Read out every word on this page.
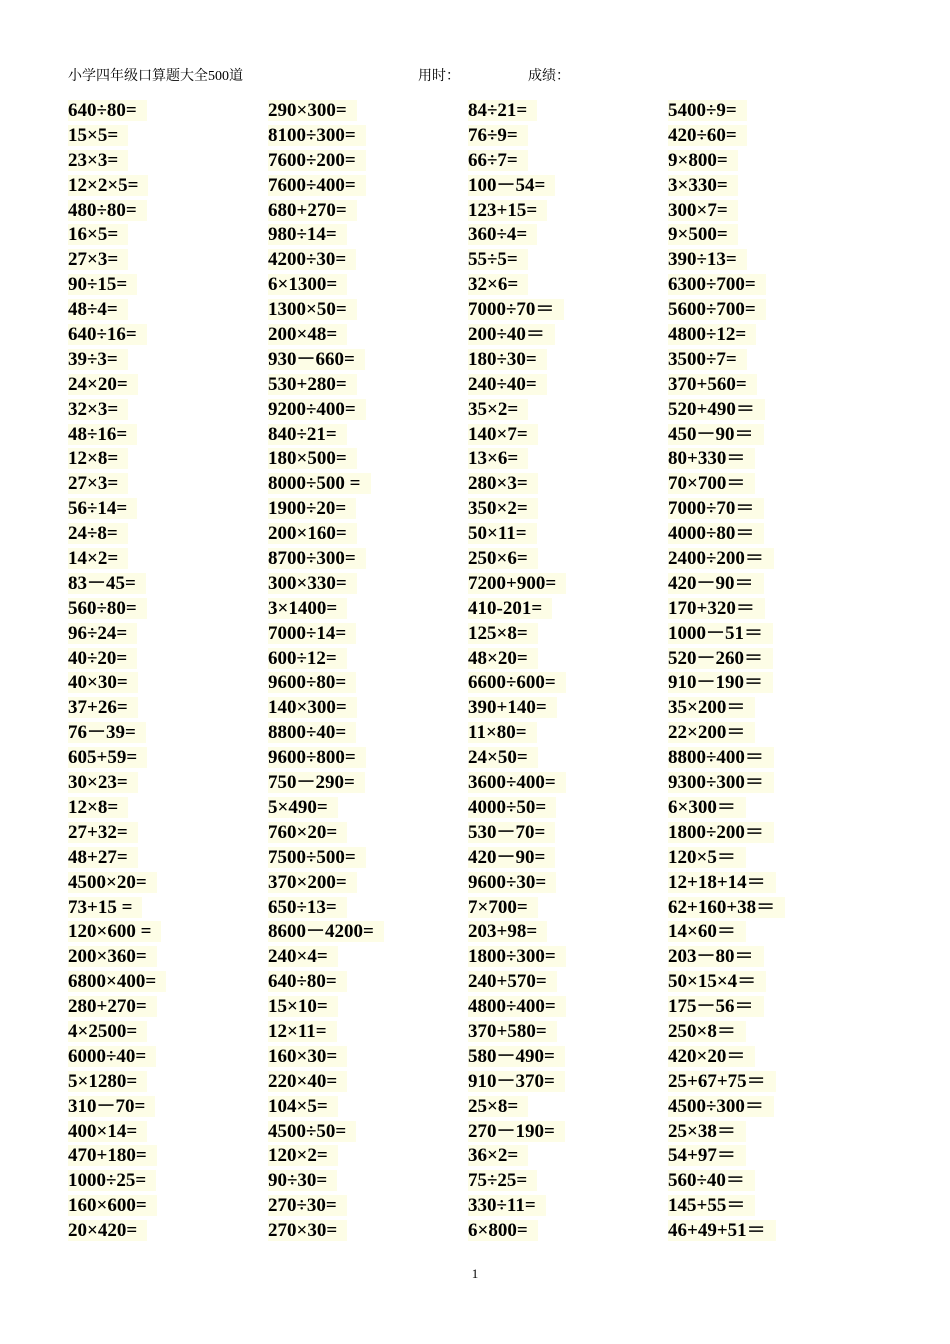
小学四年级口算题大全500道	用时：	成绩：
640÷80=
15×5=
23×3=
12×2×5=
480÷80=
16×5=
27×3=
90÷15=
48÷4=
640÷16=
39÷3=
24×20=
32×3=
48÷16=
12×8=
27×3=
56÷14=
24÷8=
14×2=
83－45=
560÷80=
96÷24=
40÷20=
40×30=
37+26=
76－39=
605+59=
30×23=
12×8=
27+32=
48+27=
4500×20=
73+15 =
120×600 =
200×360=
6800×400=
280+270=
4×2500=
6000÷40=
5×1280=
310－70=
400×14=
470+180=
1000÷25=
160×600=
20×420=
290×300=
8100÷300=
7600÷200=
7600÷400=
680+270=
980÷14=
4200÷30=
6×1300=
1300×50=
200×48=
930－660=
530+280=
9200÷400=
840÷21=
180×500=
8000÷500 =
1900÷20=
200×160=
8700÷300=
300×330=
3×1400=
7000÷14=
600÷12=
9600÷80=
140×300=
8800÷40=
9600÷800=
750－290=
5×490=
760×20=
7500÷500=
370×200=
650÷13=
8600－4200=
240×4=
640÷80=
15×10=
12×11=
160×30=
220×40=
104×5=
4500÷50=
120×2=
90÷30=
270÷30=
270×30=
84÷21=
76÷9=
66÷7=
100－54=
123+15=
360÷4=
55÷5=
32×6=
7000÷70＝
200÷40＝
180÷30=
240÷40=
35×2=
140×7=
13×6=
280×3=
350×2=
50×11=
250×6=
7200+900=
410-201=
125×8=
48×20=
6600÷600=
390+140=
11×80=
24×50=
3600÷400=
4000÷50=
530－70=
420－90=
9600÷30=
7×700=
203+98=
1800÷300=
240+570=
4800÷400=
370+580=
580－490=
910－370=
25×8=
270－190=
36×2=
75÷25=
330÷11=
6×800=
5400÷9=
420÷60=
9×800=
3×330=
300×7=
9×500=
390÷13=
6300÷700=
5600÷700=
4800÷12=
3500÷7=
370+560=
520+490＝
450－90＝
80+330＝
70×700＝
7000÷70＝
4000÷80＝
2400÷200＝
420－90＝
170+320＝
1000－51＝
520－260＝
910－190＝
35×200＝
22×200＝
8800÷400＝
9300÷300＝
6×300＝
1800÷200＝
120×5＝
12+18+14＝
62+160+38＝
14×60＝
203－80＝
50×15×4＝
175－56＝
250×8＝
420×20＝
25+67+75＝
4500÷300＝
25×38＝
54+97＝
560÷40＝
145+55＝
46+49+51＝
1
